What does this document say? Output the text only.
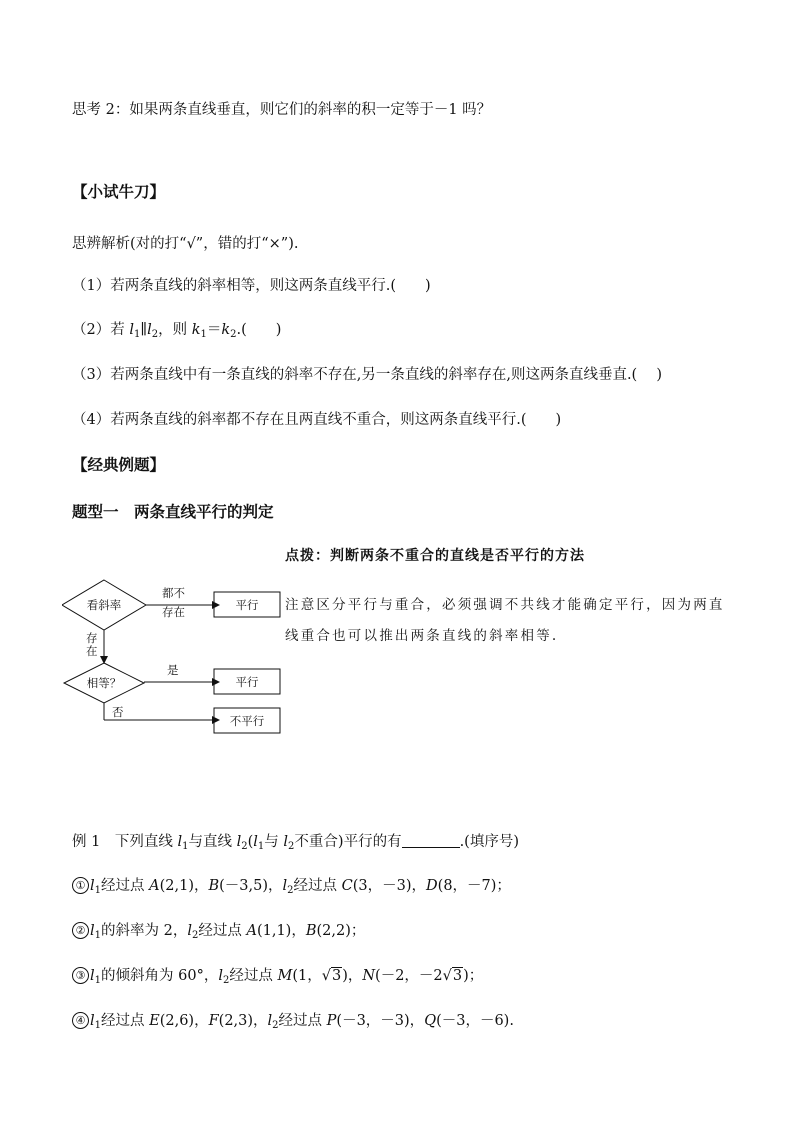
思考 2：如果两条直线垂直，则它们的斜率的积一定等于－1 吗？
【小试牛刀】
思辨解析(对的打“√”，错的打“×”).
（1）若两条直线的斜率相等，则这两条直线平行.(　　)
（2）若 $l_1\parallel l_2$，则 $k_1=k_2$.(　　)
（3）若两条直线中有一条直线的斜率不存在,另一条直线的斜率存在,则这两条直线垂直.(　 )
（4）若两条直线的斜率都不存在且两直线不重合，则这两条直线平行.(　　)
【经典例题】
题型一　两条直线平行的判定
点拨：判断两条不重合的直线是否平行的方法
注意区分平行与重合，必须强调不共线才能确定平行，因为两直线重合也可以推出两条直线的斜率相等.
看斜率
都不
存在	平行
存
在
相等？
是
平行
否
不平行
例 1　下列直线 $l_1$与直线 $l_2(l_1$与 $l_2$不重合)平行的有	.(填序号)
① $l_1$经过点 A(2,1)，B(－3,5)，$l_2$经过点 C(3，－3)，D(8，－7)；
② $l_1$的斜率为 2，$l_2$经过点 A(1,1)，B(2,2)；
③ $l_1$的倾斜角为 60°，$l_2$经过点 M(1，√3)，N(－2，－2√3)；
④ $l_1$经过点 E(2,6)，F(2,3)，$l_2$经过点 P(－3，－3)，Q(－3，－6).
